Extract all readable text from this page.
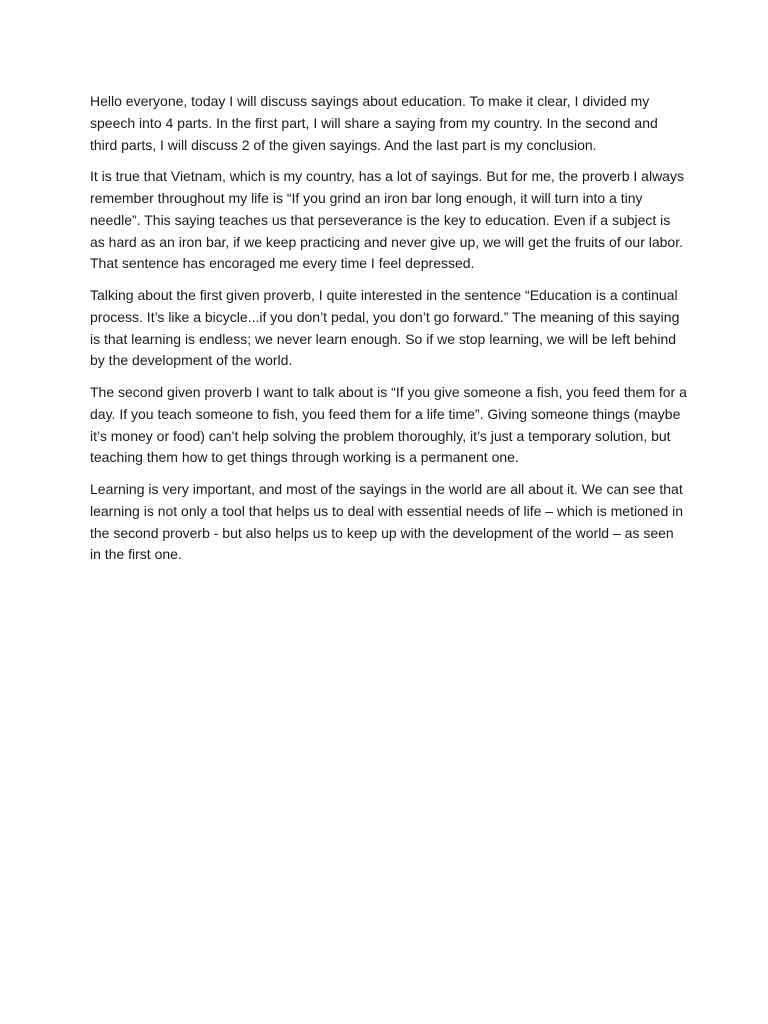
Hello everyone, today I will discuss sayings about education. To make it clear, I divided my speech into 4 parts. In the first part, I will share a saying from my country. In the second and third parts, I will discuss 2 of the given sayings. And the last part is my conclusion.

It is true that Vietnam, which is my country, has a lot of sayings. But for me, the proverb I always remember throughout my life is “If you grind an iron bar long enough, it will turn into a tiny needle”. This saying teaches us that perseverance is the key to education. Even if a subject is as hard as an iron bar, if we keep practicing and never give up, we will get the fruits of our labor. That sentence has encoraged me every time I feel depressed.

Talking about the first given proverb, I quite interested in the sentence “Education is a continual process. It’s like a bicycle...if you don’t pedal, you don’t go forward.” The meaning of this saying is that learning is endless; we never learn enough. So if we stop learning, we will be left behind by the development of the world.

The second given proverb I want to talk about is “If you give someone a fish, you feed them for a day. If you teach someone to fish, you feed them for a life time”. Giving someone things (maybe it’s money or food) can’t help solving the problem thoroughly, it’s just a temporary solution, but teaching them how to get things through working is a permanent one.

Learning is very important, and most of the sayings in the world are all about it. We can see that learning is not only a tool that helps us to deal with essential needs of life – which is metioned in the second proverb - but also helps us to keep up with the development of the world – as seen in the first one.
